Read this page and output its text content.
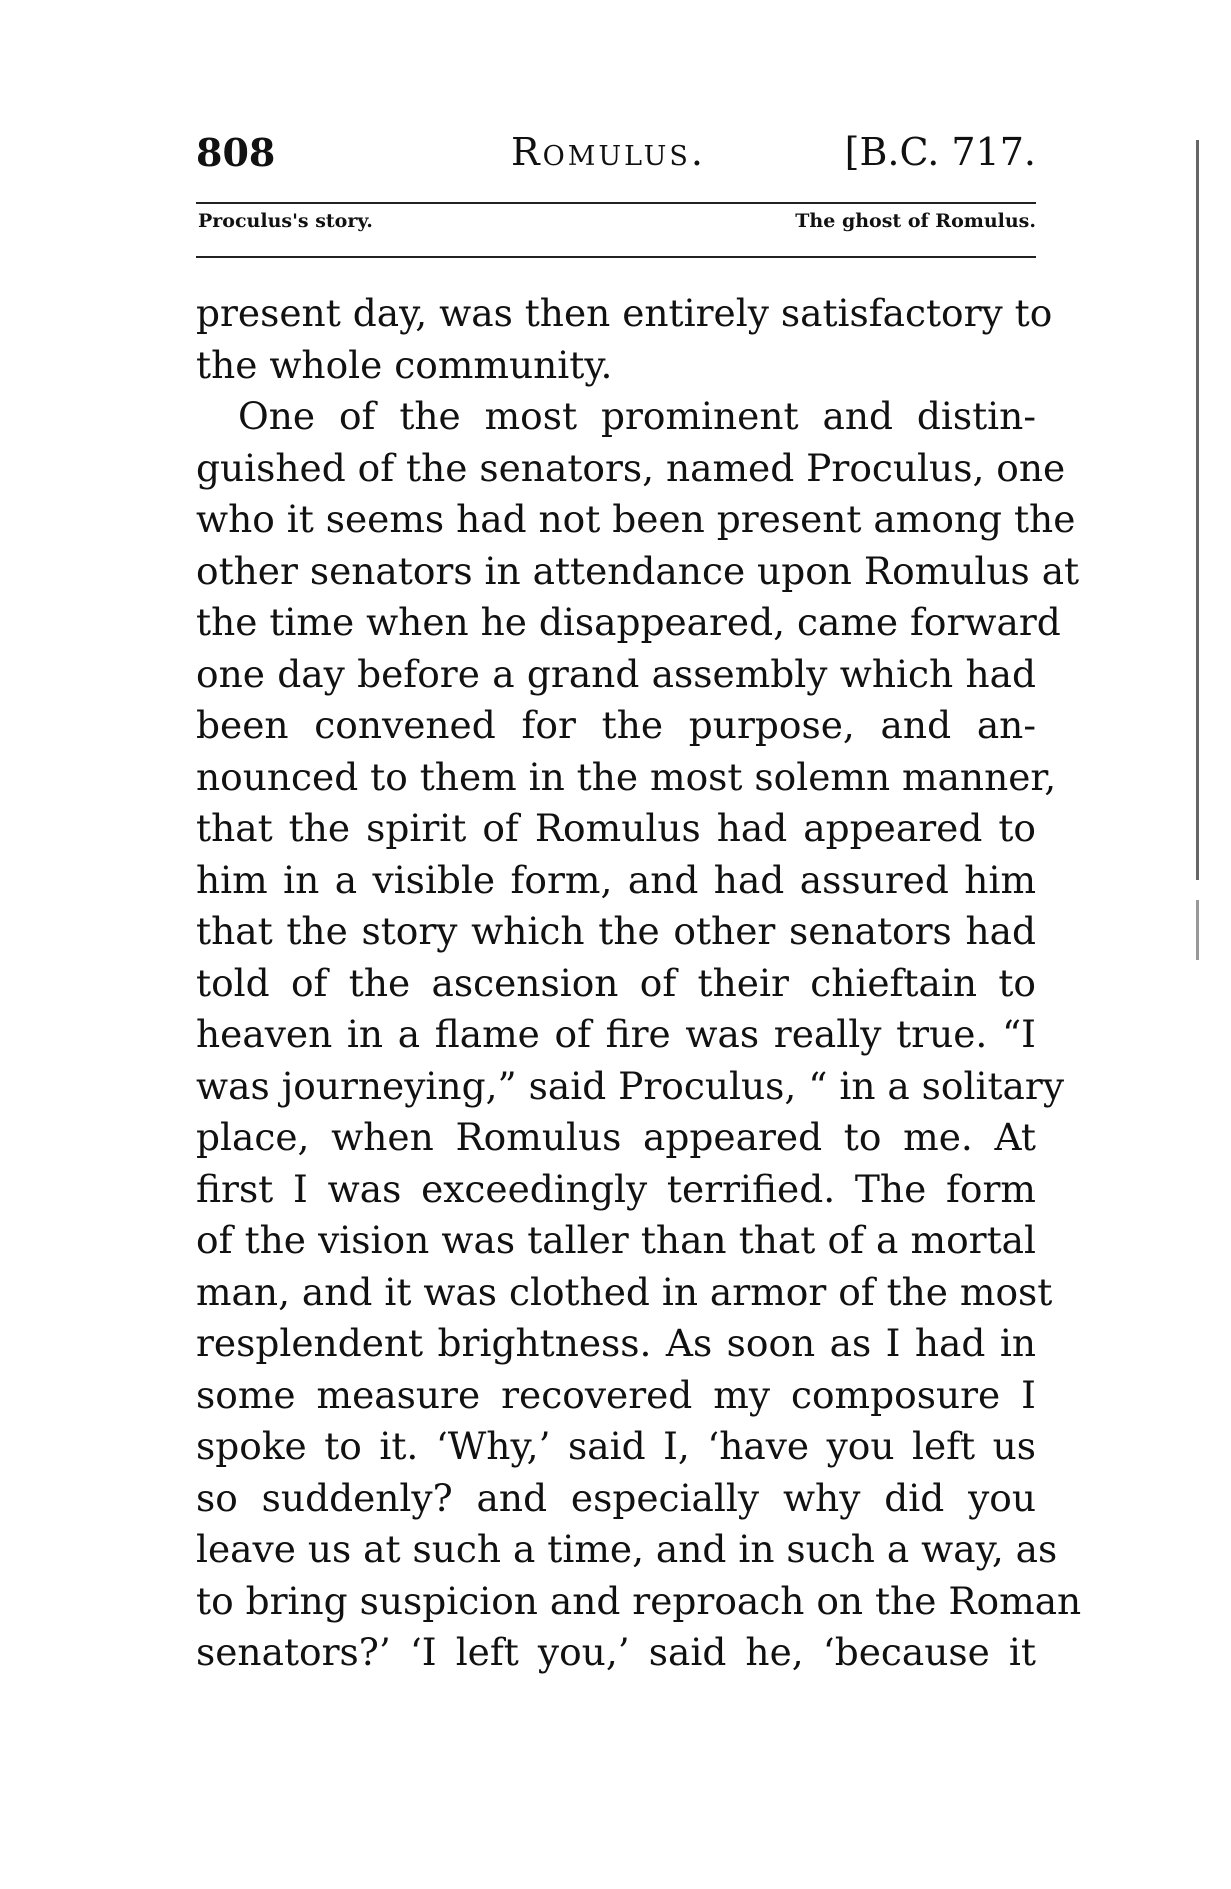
808	Romulus.	[B.C. 717.
Proculus's story.	The ghost of Romulus.
present day, was then entirely satisfactory to
the whole community.
One of the most prominent and distin-
guished of the senators, named Proculus, one
who it seems had not been present among the
other senators in attendance upon Romulus at
the time when he disappeared, came forward
one day before a grand assembly which had
been convened for the purpose, and an-
nounced to them in the most solemn manner,
that the spirit of Romulus had appeared to
him in a visible form, and had assured him
that the story which the other senators had
told of the ascension of their chieftain to
heaven in a flame of fire was really true. “I
was journeying,” said Proculus, “ in a solitary
place, when Romulus appeared to me. At
first I was exceedingly terrified. The form
of the vision was taller than that of a mortal
man, and it was clothed in armor of the most
resplendent brightness. As soon as I had in
some measure recovered my composure I
spoke to it. ‘Why,’ said I, ‘have you left us
so suddenly? and especially why did you
leave us at such a time, and in such a way, as
to bring suspicion and reproach on the Roman
senators?’ ‘I left you,’ said he, ‘because it
